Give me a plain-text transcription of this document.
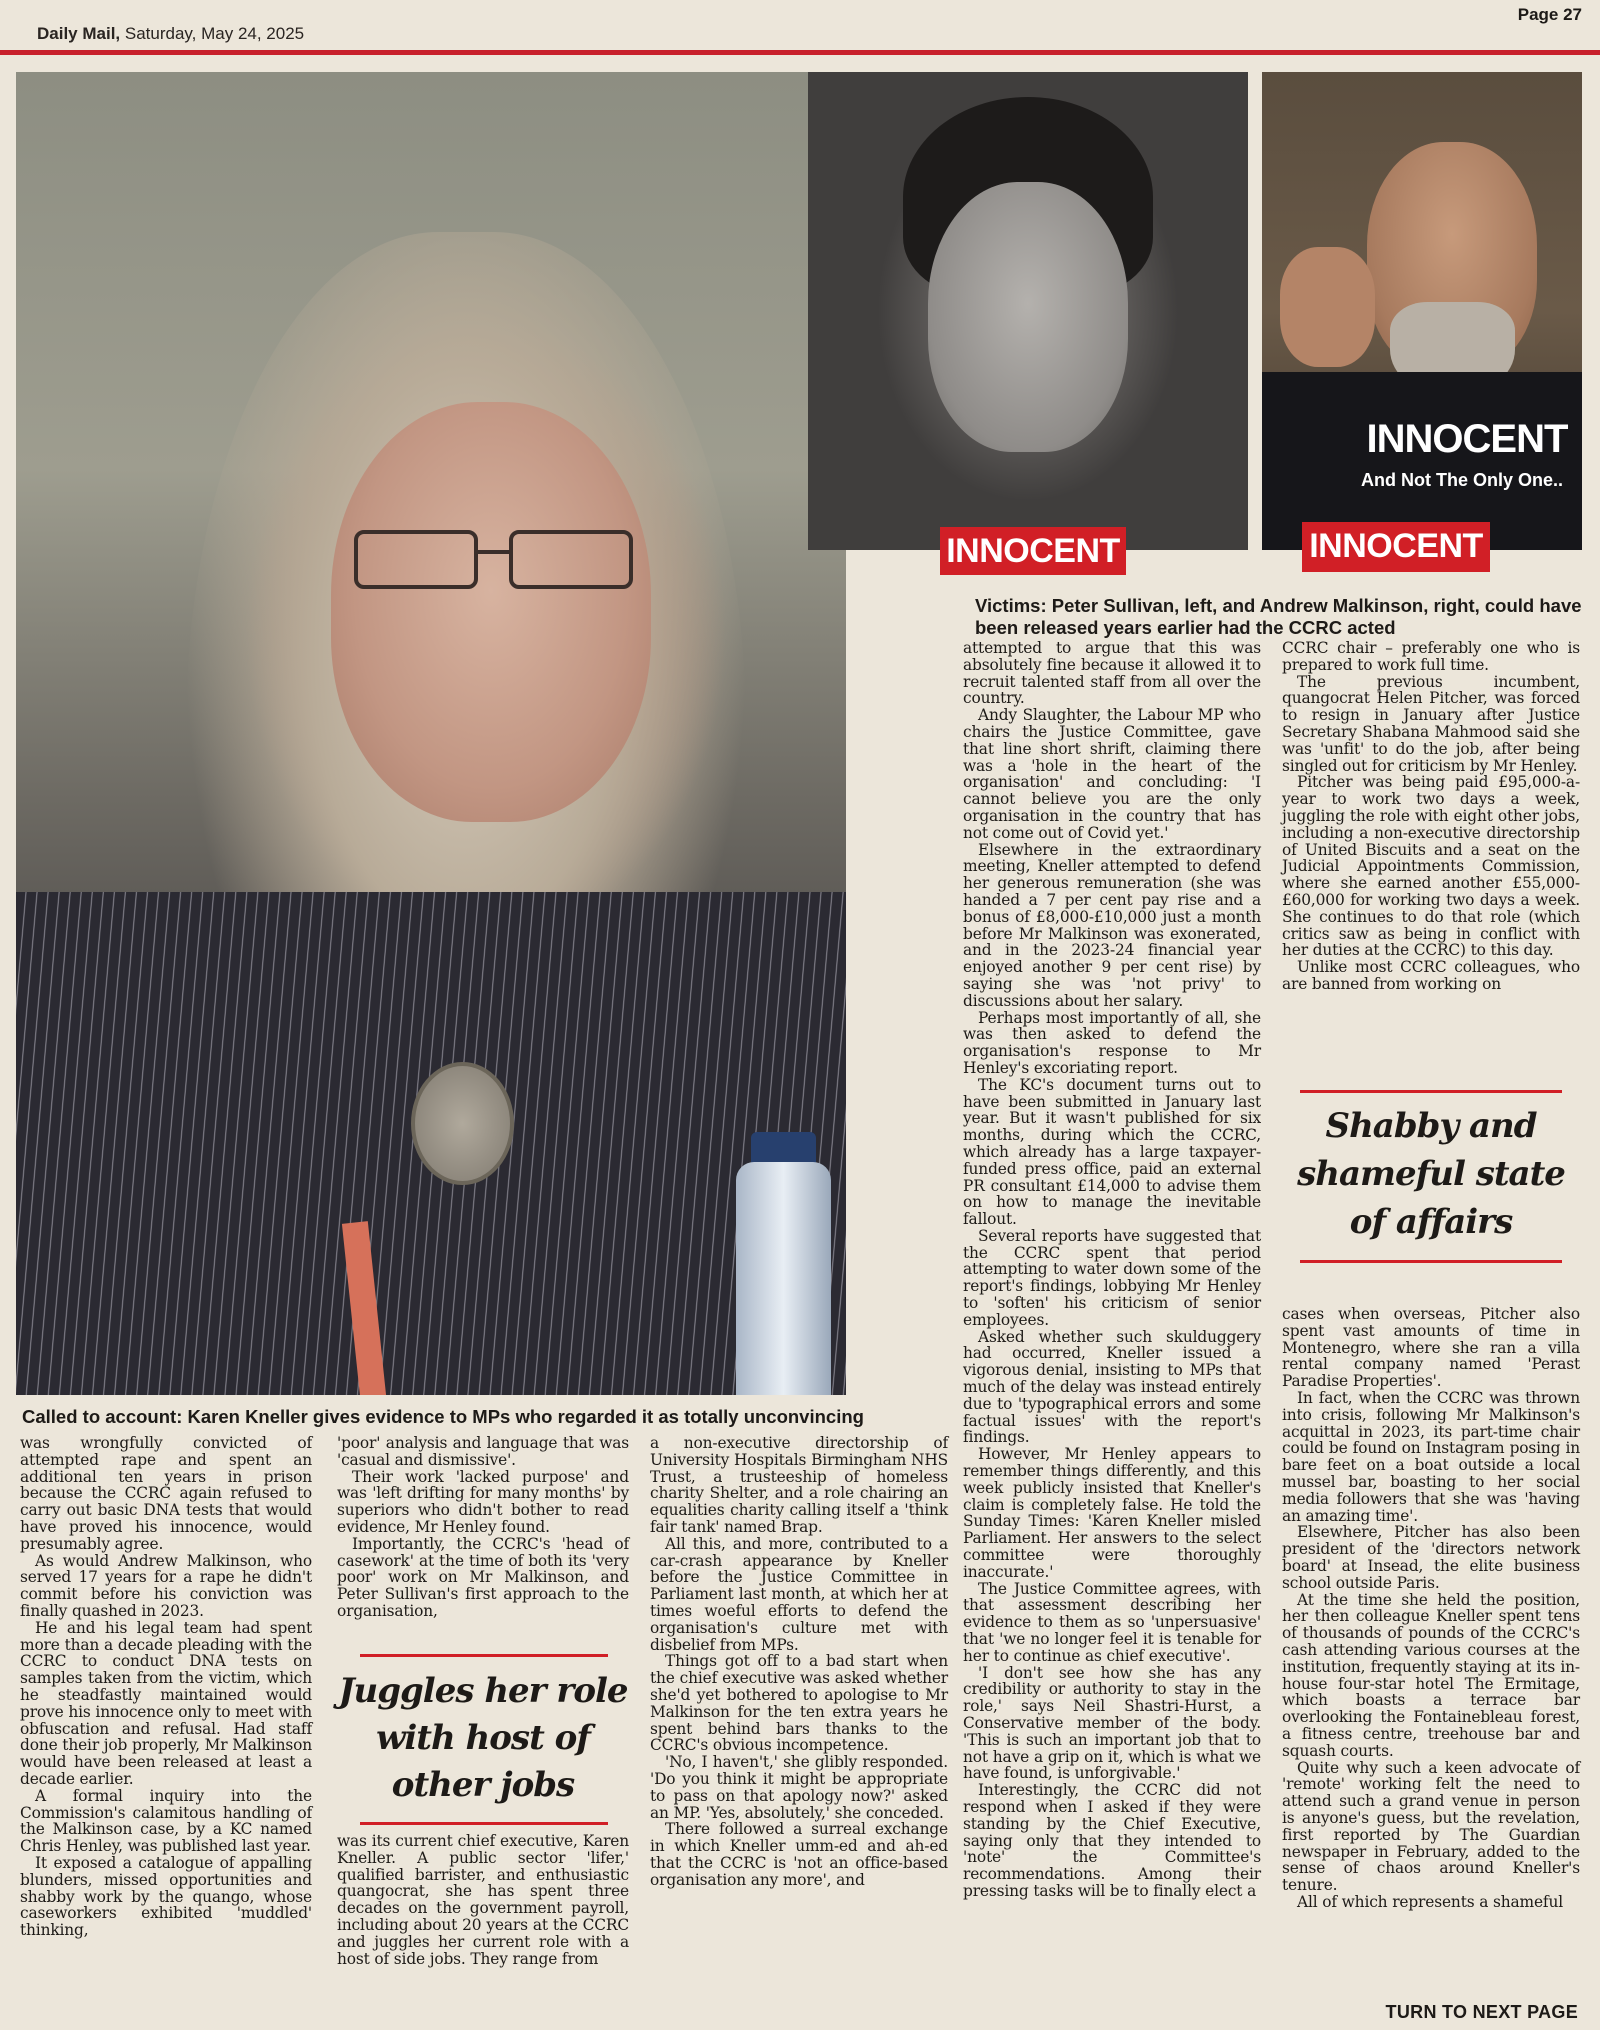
Daily Mail, Saturday, May 24, 2025
Page 27
INNOCENT
And Not The Only One..
INNOCENT	INNOCENT
Victims: Peter Sullivan, left, and Andrew Malkinson, right, could have been released years earlier had the CCRC acted
Called to account: Karen Kneller gives evidence to MPs who regarded it as totally unconvincing

was wrongfully convicted of attempted rape and spent an additional ten years in prison because the CCRC again refused to carry out basic DNA tests that would have proved his innocence, would presumably agree.

As would Andrew Malkinson, who served 17 years for a rape he didn't commit before his conviction was finally quashed in 2023.

He and his legal team had spent more than a decade pleading with the CCRC to conduct DNA tests on samples taken from the victim, which he steadfastly maintained would prove his innocence only to meet with obfuscation and refusal. Had staff done their job properly, Mr Malkinson would have been released at least a decade earlier.

A formal inquiry into the Commission's calamitous handling of the Malkinson case, by a KC named Chris Henley, was published last year.

It exposed a catalogue of appalling blunders, missed opportunities and shabby work by the quango, whose caseworkers exhibited 'muddled' thinking,

'poor' analysis and language that was 'casual and dismissive'.

Their work 'lacked purpose' and was 'left drifting for many months' by superiors who didn't bother to read evidence, Mr Henley found.

Importantly, the CCRC's 'head of casework' at the time of both its 'very poor' work on Mr Malkinson, and Peter Sullivan's first approach to the organisation,

Juggles her role with host of other jobs

was its current chief executive, Karen Kneller. A public sector 'lifer,' qualified barrister, and enthusiastic quangocrat, she has spent three decades on the government payroll, including about 20 years at the CCRC and juggles her current role with a host of side jobs. They range from

a non-executive directorship of University Hospitals Birmingham NHS Trust, a trusteeship of homeless charity Shelter, and a role chairing an equalities charity calling itself a 'think fair tank' named Brap.

All this, and more, contributed to a car-crash appearance by Kneller before the Justice Committee in Parliament last month, at which her at times woeful efforts to defend the organisation's culture met with disbelief from MPs.

Things got off to a bad start when the chief executive was asked whether she'd yet bothered to apologise to Mr Malkinson for the ten extra years he spent behind bars thanks to the CCRC's obvious incompetence.

'No, I haven't,' she glibly responded. 'Do you think it might be appropriate to pass on that apology now?' asked an MP. 'Yes, absolutely,' she conceded.

There followed a surreal exchange in which Kneller umm-ed and ah-ed that the CCRC is 'not an office-based organisation any more', and

attempted to argue that this was absolutely fine because it allowed it to recruit talented staff from all over the country.

Andy Slaughter, the Labour MP who chairs the Justice Committee, gave that line short shrift, claiming there was a 'hole in the heart of the organisation' and concluding: 'I cannot believe you are the only organisation in the country that has not come out of Covid yet.'

Elsewhere in the extraordinary meeting, Kneller attempted to defend her generous remuneration (she was handed a 7 per cent pay rise and a bonus of £8,000-£10,000 just a month before Mr Malkinson was exonerated, and in the 2023-24 financial year enjoyed another 9 per cent rise) by saying she was 'not privy' to discussions about her salary.

Perhaps most importantly of all, she was then asked to defend the organisation's response to Mr Henley's excoriating report.

The KC's document turns out to have been submitted in January last year. But it wasn't published for six months, during which the CCRC, which already has a large taxpayer-funded press office, paid an external PR consultant £14,000 to advise them on how to manage the inevitable fallout.

Several reports have suggested that the CCRC spent that period attempting to water down some of the report's findings, lobbying Mr Henley to 'soften' his criticism of senior employees.

Asked whether such skulduggery had occurred, Kneller issued a vigorous denial, insisting to MPs that much of the delay was instead entirely due to 'typographical errors and some factual issues' with the report's findings.

However, Mr Henley appears to remember things differently, and this week publicly insisted that Kneller's claim is completely false. He told the Sunday Times: 'Karen Kneller misled Parliament. Her answers to the select committee were thoroughly inaccurate.'

The Justice Committee agrees, with that assessment describing her evidence to them as so 'unpersuasive' that 'we no longer feel it is tenable for her to continue as chief executive'.

'I don't see how she has any credibility or authority to stay in the role,' says Neil Shastri-Hurst, a Conservative member of the body. 'This is such an important job that to not have a grip on it, which is what we have found, is unforgivable.'

Interestingly, the CCRC did not respond when I asked if they were standing by the Chief Executive, saying only that they intended to 'note' the Committee's recommendations. Among their pressing tasks will be to finally elect a

CCRC chair – preferably one who is prepared to work full time.

The previous incumbent, quangocrat Helen Pitcher, was forced to resign in January after Justice Secretary Shabana Mahmood said she was 'unfit' to do the job, after being singled out for criticism by Mr Henley.

Pitcher was being paid £95,000-a-year to work two days a week, juggling the role with eight other jobs, including a non-executive directorship of United Biscuits and a seat on the Judicial Appointments Commission, where she earned another £55,000-£60,000 for working two days a week. She continues to do that role (which critics saw as being in conflict with her duties at the CCRC) to this day.

Unlike most CCRC colleagues, who are banned from working on

Shabby and shameful state of affairs

cases when overseas, Pitcher also spent vast amounts of time in Montenegro, where she ran a villa rental company named 'Perast Paradise Properties'.

In fact, when the CCRC was thrown into crisis, following Mr Malkinson's acquittal in 2023, its part-time chair could be found on Instagram posing in bare feet on a boat outside a local mussel bar, boasting to her social media followers that she was 'having an amazing time'.

Elsewhere, Pitcher has also been president of the 'directors network board' at Insead, the elite business school outside Paris.

At the time she held the position, her then colleague Kneller spent tens of thousands of pounds of the CCRC's cash attending various courses at the institution, frequently staying at its in-house four-star hotel The Ermitage, which boasts a terrace bar overlooking the Fontainebleau forest, a fitness centre, treehouse bar and squash courts.

Quite why such a keen advocate of 'remote' working felt the need to attend such a grand venue in person is anyone's guess, but the revelation, first reported by The Guardian newspaper in February, added to the sense of chaos around Kneller's tenure.

All of which represents a shameful

TURN TO NEXT PAGE
